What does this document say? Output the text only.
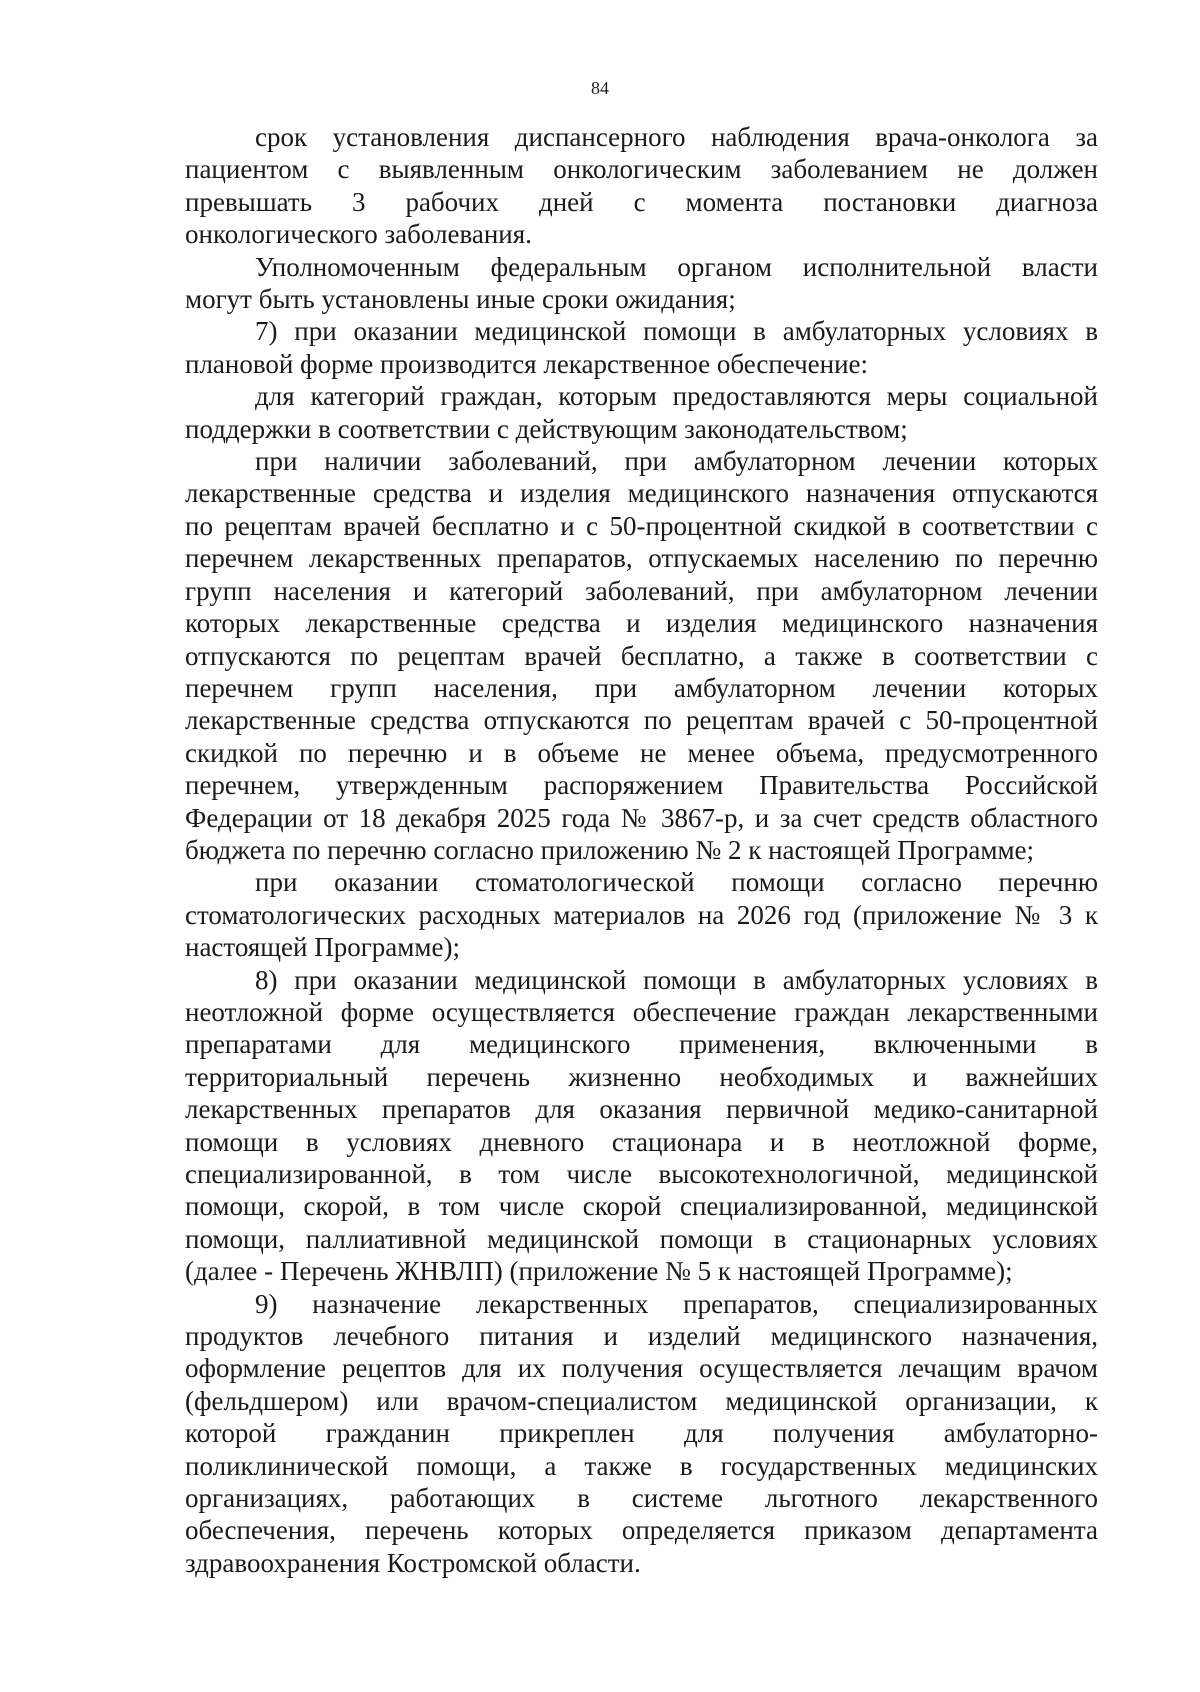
84
срок установления диспансерного наблюдения врача-онколога за
пациентом с выявленным онкологическим заболеванием не должен
превышать 3 рабочих дней с момента постановки диагноза
онкологического заболевания.
Уполномоченным федеральным органом исполнительной власти
могут быть установлены иные сроки ожидания;
7) при оказании медицинской помощи в амбулаторных условиях в
плановой форме производится лекарственное обеспечение:
для категорий граждан, которым предоставляются меры социальной
поддержки в соответствии с действующим законодательством;
при наличии заболеваний, при амбулаторном лечении которых
лекарственные средства и изделия медицинского назначения отпускаются
по рецептам врачей бесплатно и с 50-процентной скидкой в соответствии с
перечнем лекарственных препаратов, отпускаемых населению по перечню
групп населения и категорий заболеваний, при амбулаторном лечении
которых лекарственные средства и изделия медицинского назначения
отпускаются по рецептам врачей бесплатно, а также в соответствии с
перечнем групп населения, при амбулаторном лечении которых
лекарственные средства отпускаются по рецептам врачей с 50-процентной
скидкой по перечню и в объеме не менее объема, предусмотренного
перечнем, утвержденным распоряжением Правительства Российской
Федерации от 18 декабря 2025 года № 3867-р, и за счет средств областного
бюджета по перечню согласно приложению № 2 к настоящей Программе;
при оказании стоматологической помощи согласно перечню
стоматологических расходных материалов на 2026 год (приложение № 3 к
настоящей Программе);
8) при оказании медицинской помощи в амбулаторных условиях в
неотложной форме осуществляется обеспечение граждан лекарственными
препаратами для медицинского применения, включенными в
территориальный перечень жизненно необходимых и важнейших
лекарственных препаратов для оказания первичной медико-санитарной
помощи в условиях дневного стационара и в неотложной форме,
специализированной, в том числе высокотехнологичной, медицинской
помощи, скорой, в том числе скорой специализированной, медицинской
помощи, паллиативной медицинской помощи в стационарных условиях
(далее - Перечень ЖНВЛП) (приложение № 5 к настоящей Программе);
9) назначение лекарственных препаратов, специализированных
продуктов лечебного питания и изделий медицинского назначения,
оформление рецептов для их получения осуществляется лечащим врачом
(фельдшером) или врачом-специалистом медицинской организации, к
которой гражданин прикреплен для получения амбулаторно-
поликлинической помощи, а также в государственных медицинских
организациях, работающих в системе льготного лекарственного
обеспечения, перечень которых определяется приказом департамента
здравоохранения Костромской области.
